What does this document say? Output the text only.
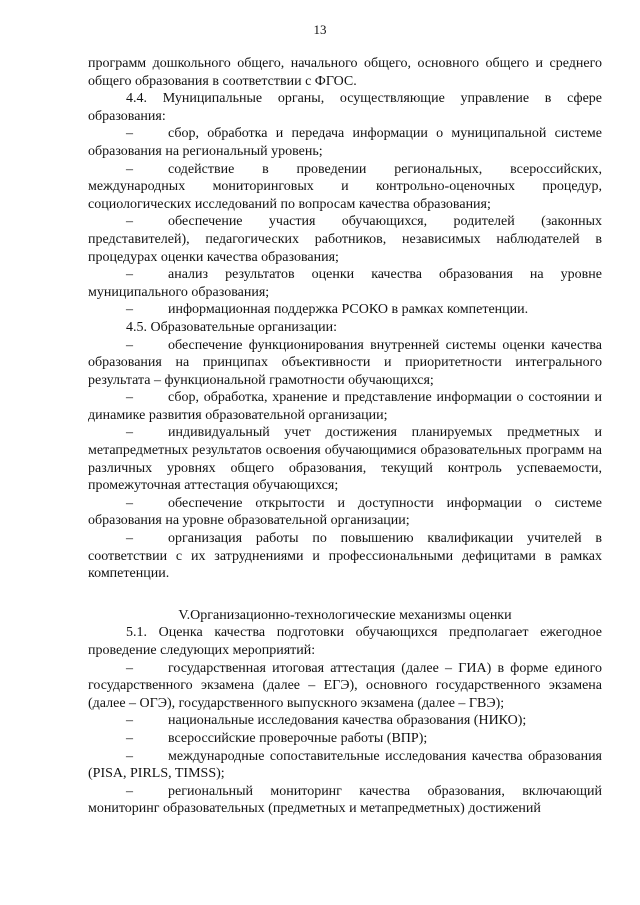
13

программ дошкольного общего, начального общего, основного общего и среднего общего образования в соответствии с ФГОС.

4.4. Муниципальные органы, осуществляющие управление в сфере образования:

–	сбор, обработка и передача информации о муниципальной системе образования на региональный уровень;

–	содействие в проведении региональных, всероссийских, международных мониторинговых и контрольно-оценочных процедур, социологических исследований по вопросам качества образования;

–	обеспечение участия обучающихся, родителей (законных представителей), педагогических работников, независимых наблюдателей в процедурах оценки качества образования;

–	анализ результатов оценки качества образования на уровне муниципального образования;

–	информационная поддержка РСОКО в рамках компетенции.

4.5. Образовательные организации:

–	обеспечение функционирования внутренней системы оценки качества образования на принципах объективности и приоритетности интегрального результата – функциональной грамотности обучающихся;

–	сбор, обработка, хранение и представление информации о состоянии и динамике развития образовательной организации;

–	индивидуальный учет достижения планируемых предметных и метапредметных результатов освоения обучающимися образовательных программ на различных уровнях общего образования, текущий контроль успеваемости, промежуточная аттестация обучающихся;

–	обеспечение открытости и доступности информации о системе образования на уровне образовательной организации;

–	организация работы по повышению квалификации учителей в соответствии с их затруднениями и профессиональными дефицитами в рамках компетенции.

V.Организационно-технологические механизмы оценки

5.1. Оценка качества подготовки обучающихся предполагает ежегодное проведение следующих мероприятий:

–	государственная итоговая аттестация (далее – ГИА) в форме единого государственного экзамена (далее – ЕГЭ), основного государственного экзамена (далее – ОГЭ), государственного выпускного экзамена (далее – ГВЭ);

–	национальные исследования качества образования (НИКО);

–	всероссийские проверочные работы (ВПР);

–	международные сопоставительные исследования качества образования (PISA, PIRLS, TIMSS);

–	региональный мониторинг качества образования, включающий мониторинг образовательных (предметных и метапредметных) достижений
